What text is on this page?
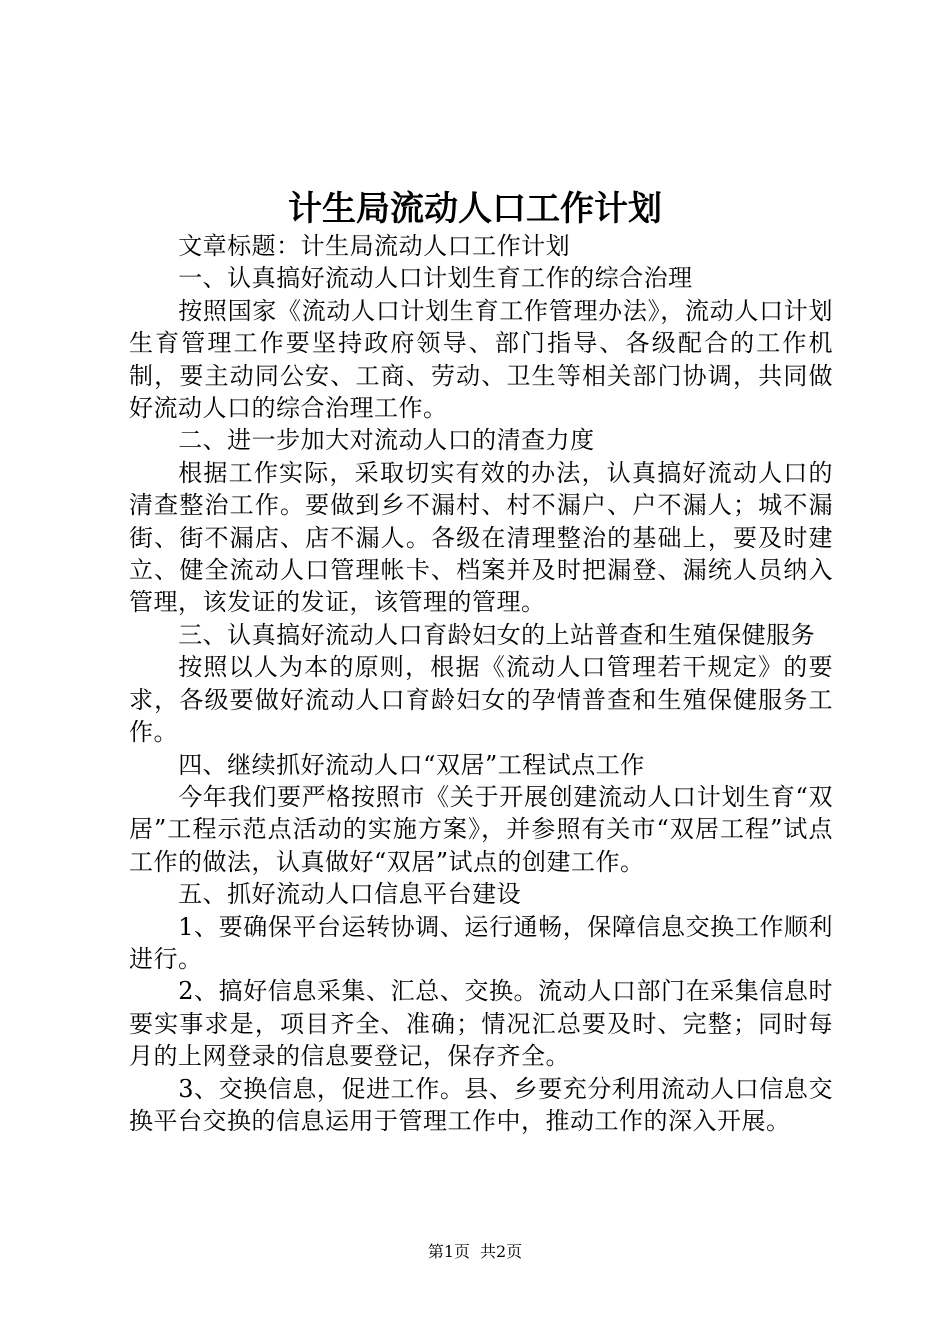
计生局流动人口工作计划

文章标题：计生局流动人口工作计划

一、认真搞好流动人口计划生育工作的综合治理

按照国家《流动人口计划生育工作管理办法》，流动人口计划生育管理工作要坚持政府领导、部门指导、各级配合的工作机制，要主动同公安、工商、劳动、卫生等相关部门协调，共同做好流动人口的综合治理工作。

二、进一步加大对流动人口的清查力度

根据工作实际，采取切实有效的办法，认真搞好流动人口的清查整治工作。要做到乡不漏村、村不漏户、户不漏人；城不漏街、街不漏店、店不漏人。各级在清理整治的基础上，要及时建立、健全流动人口管理帐卡、档案并及时把漏登、漏统人员纳入管理，该发证的发证，该管理的管理。

三、认真搞好流动人口育龄妇女的上站普查和生殖保健服务

按照以人为本的原则，根据《流动人口管理若干规定》的要求，各级要做好流动人口育龄妇女的孕情普查和生殖保健服务工作。

四、继续抓好流动人口“双居”工程试点工作

今年我们要严格按照市《关于开展创建流动人口计划生育“双居”工程示范点活动的实施方案》，并参照有关市“双居工程”试点工作的做法，认真做好“双居”试点的创建工作。

五、抓好流动人口信息平台建设

1、要确保平台运转协调、运行通畅，保障信息交换工作顺利进行。

2、搞好信息采集、汇总、交换。流动人口部门在采集信息时要实事求是，项目齐全、准确；情况汇总要及时、完整；同时每月的上网登录的信息要登记，保存齐全。

3、交换信息，促进工作。县、乡要充分利用流动人口信息交换平台交换的信息运用于管理工作中，推动工作的深入开展。

第1页 共2页
